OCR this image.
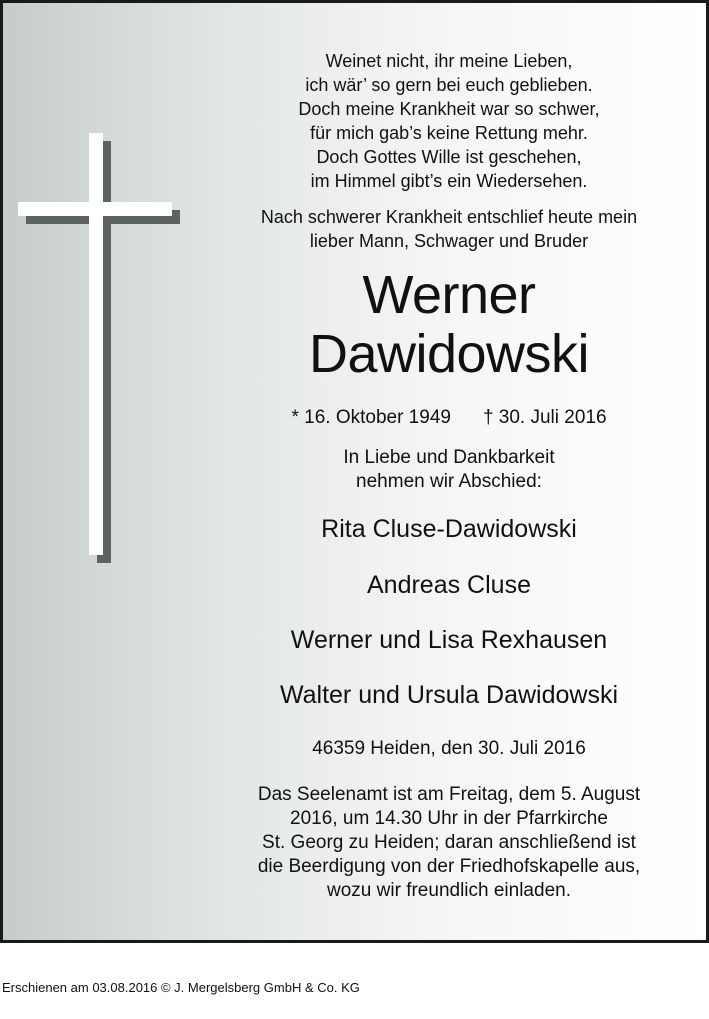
Weinet nicht, ihr meine Lieben,
ich wär’ so gern bei euch geblieben.
Doch meine Krankheit war so schwer,
für mich gab’s keine Rettung mehr.
Doch Gottes Wille ist geschehen,
im Himmel gibt’s ein Wiedersehen.
Nach schwerer Krankheit entschlief heute mein
lieber Mann, Schwager und Bruder
Werner
Dawidowski
* 16. Oktober 1949 † 30. Juli 2016
In Liebe und Dankbarkeit
nehmen wir Abschied:
Rita Cluse-Dawidowski
Andreas Cluse
Werner und Lisa Rexhausen
Walter und Ursula Dawidowski
46359 Heiden, den 30. Juli 2016
Das Seelenamt ist am Freitag, dem 5. August
2016, um 14.30 Uhr in der Pfarrkirche
St. Georg zu Heiden; daran anschließend ist
die Beerdigung von der Friedhofskapelle aus,
wozu wir freundlich einladen.
Erschienen am 03.08.2016 © J. Mergelsberg GmbH & Co. KG
